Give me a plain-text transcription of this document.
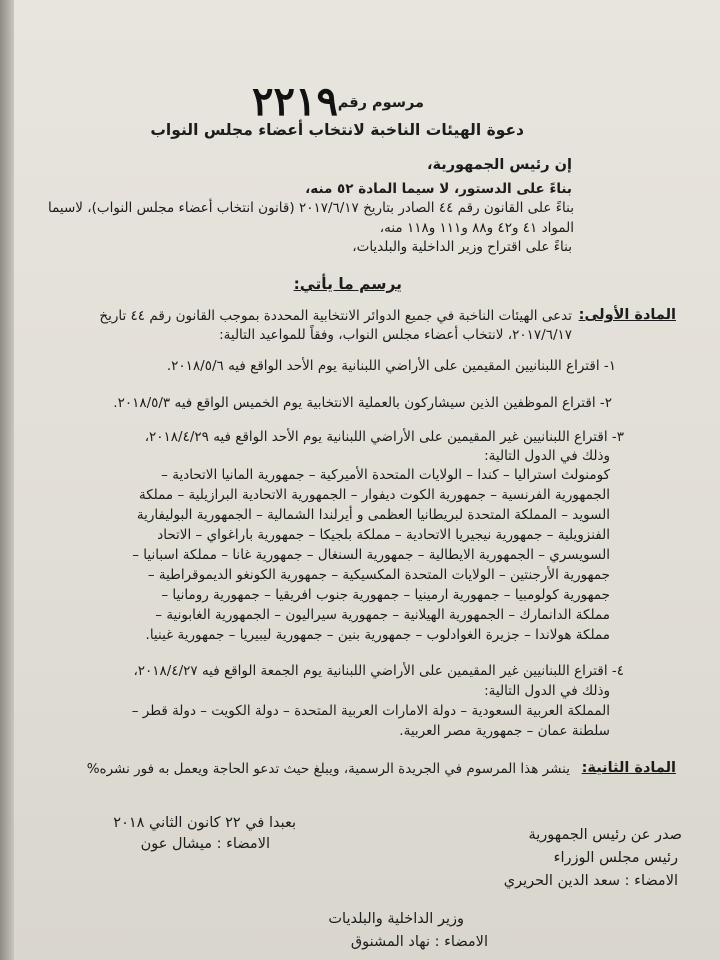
٢٢١٩ مرسوم رقم
دعوة الهيئات الناخبة لانتخاب أعضاء مجلس النواب
إن رئيس الجمهورية،
بناءً على الدستور، لا سيما المادة ٥٢ منه،
بناءً على القانون رقم ٤٤ الصادر بتاريخ ٢٠١٧/٦/١٧ (قانون انتخاب أعضاء مجلس النواب)، لاسيما
المواد ٤١ و٤٢ و٨٨ و١١١ و١١٨ منه،
بناءً على اقتراح وزير الداخلية والبلديات،
يرسم ما يأتي:
المادة الأولى:
تدعى الهيئات الناخبة في جميع الدوائر الانتخابية المحددة بموجب القانون رقم ٤٤ تاريخ
٢٠١٧/٦/١٧، لانتخاب أعضاء مجلس النواب، وفقاً للمواعيد التالية:
١- اقتراع اللبنانيين المقيمين على الأراضي اللبنانية يوم الأحد الواقع فيه ٢٠١٨/٥/٦.
٢- اقتراع الموظفين الذين سيشاركون بالعملية الانتخابية يوم الخميس الواقع فيه ٢٠١٨/٥/٣.
٣- اقتراع اللبنانيين غير المقيمين على الأراضي اللبنانية يوم الأحد الواقع فيه ٢٠١٨/٤/٢٩،
وذلك في الدول التالية:
كومنولث استراليا – كندا – الولايات المتحدة الأميركية – جمهورية المانيا الاتحادية –
الجمهورية الفرنسية – جمهورية الكوت ديفوار – الجمهورية الاتحادية البرازيلية – مملكة
السويد – المملكة المتحدة لبريطانيا العظمى و أيرلندا الشمالية – الجمهورية البوليفارية
الفنزويلية – جمهورية نيجيريا الاتحادية – مملكة بلجيكا – جمهورية باراغواي – الاتحاد
السويسري – الجمهورية الايطالية – جمهورية السنغال – جمهورية غانا – مملكة اسبانيا –
جمهورية الأرجنتين – الولايات المتحدة المكسيكية – جمهورية الكونغو الديموقراطية –
جمهورية كولومبيا – جمهورية ارمينيا – جمهورية جنوب افريقيا – جمهورية رومانيا –
مملكة الدانمارك – الجمهورية الهيلانية – جمهورية سيراليون – الجمهورية الغابونية –
مملكة هولاندا – جزيرة الغوادلوب – جمهورية بنين – جمهورية ليبيريا – جمهورية غينيا.
٤- اقتراع اللبنانيين غير المقيمين على الأراضي اللبنانية يوم الجمعة الواقع فيه ٢٠١٨/٤/٢٧،
وذلك في الدول التالية:
المملكة العربية السعودية – دولة الامارات العربية المتحدة – دولة الكويت – دولة قطر –
سلطنة عمان – جمهورية مصر العربية.
المادة الثانية:
ينشر هذا المرسوم في الجريدة الرسمية، ويبلغ حيث تدعو الحاجة ويعمل به فور نشره%
بعبدا في ٢٢ كانون الثاني ٢٠١٨
الامضاء : ميشال عون
صدر عن رئيس الجمهورية
رئيس مجلس الوزراء
الامضاء : سعد الدين الحريري
وزير الداخلية والبلديات
الامضاء : نهاد المشنوق
